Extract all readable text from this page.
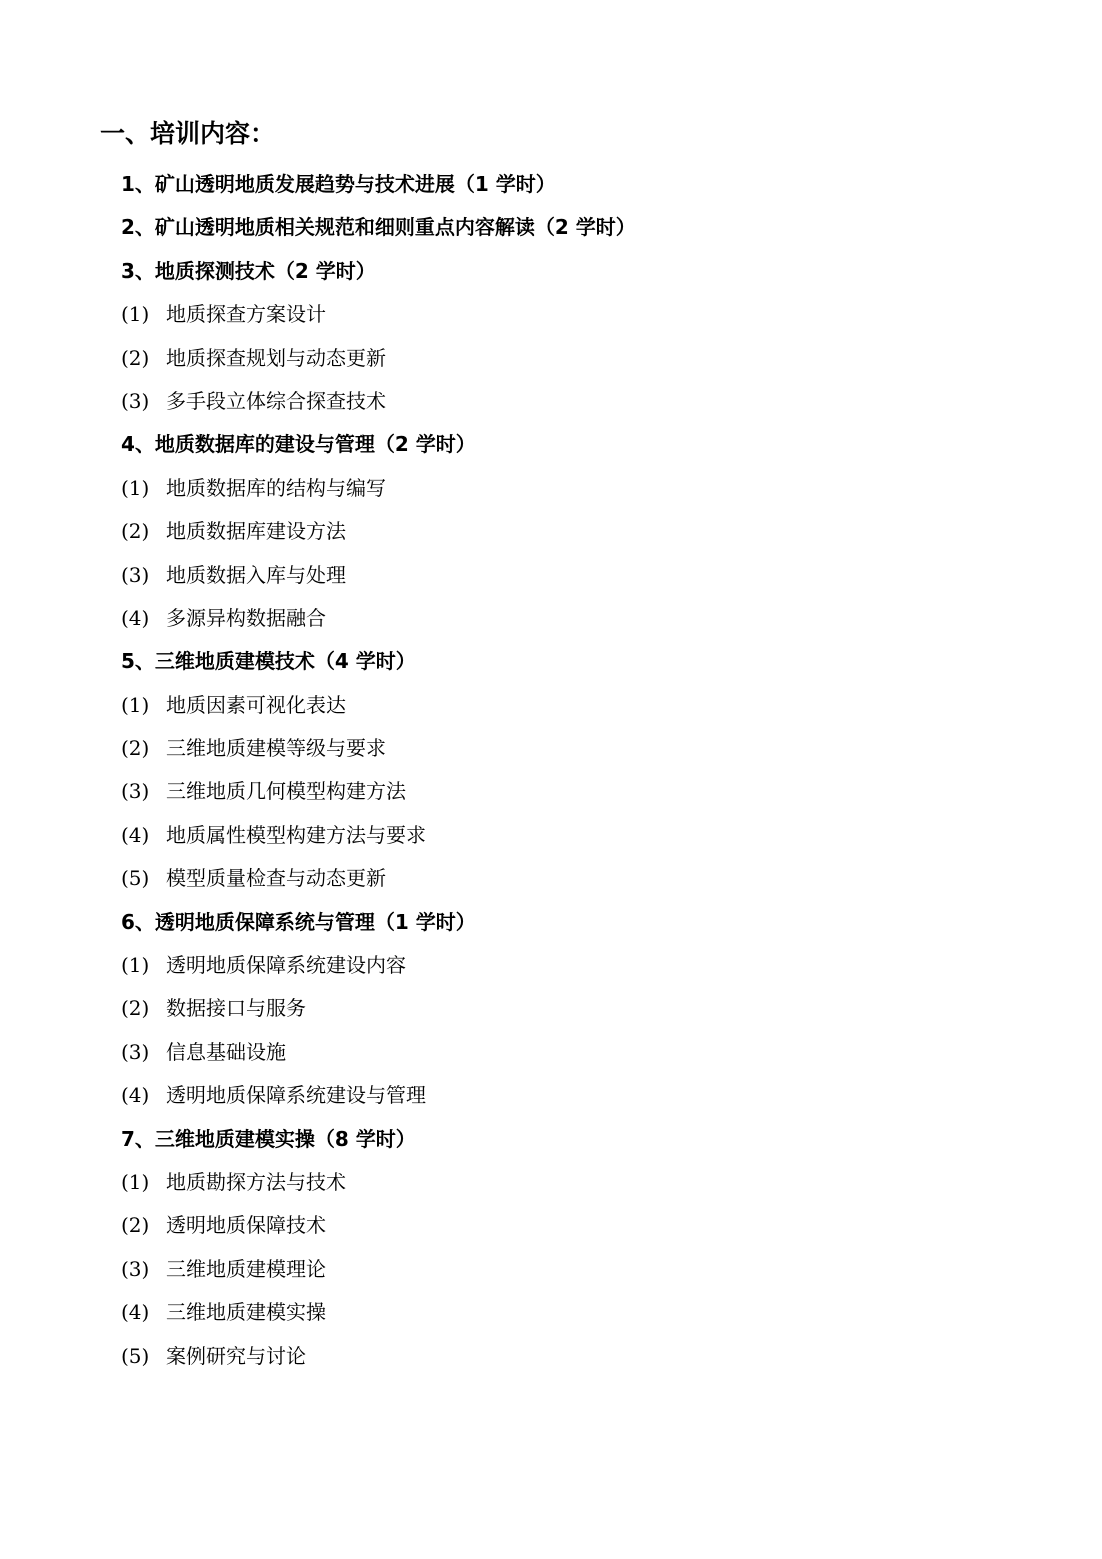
一、培训内容：
1、矿山透明地质发展趋势与技术进展（1 学时）
2、矿山透明地质相关规范和细则重点内容解读（2 学时）
3、地质探测技术（2 学时）
(1) 地质探查方案设计
(2) 地质探查规划与动态更新
(3) 多手段立体综合探查技术
4、地质数据库的建设与管理（2 学时）
(1) 地质数据库的结构与编写
(2) 地质数据库建设方法
(3) 地质数据入库与处理
(4) 多源异构数据融合
5、三维地质建模技术（4 学时）
(1) 地质因素可视化表达
(2) 三维地质建模等级与要求
(3) 三维地质几何模型构建方法
(4) 地质属性模型构建方法与要求
(5) 模型质量检查与动态更新
6、透明地质保障系统与管理（1 学时）
(1) 透明地质保障系统建设内容
(2) 数据接口与服务
(3) 信息基础设施
(4) 透明地质保障系统建设与管理
7、三维地质建模实操（8 学时）
(1) 地质勘探方法与技术
(2) 透明地质保障技术
(3) 三维地质建模理论
(4) 三维地质建模实操
(5) 案例研究与讨论
